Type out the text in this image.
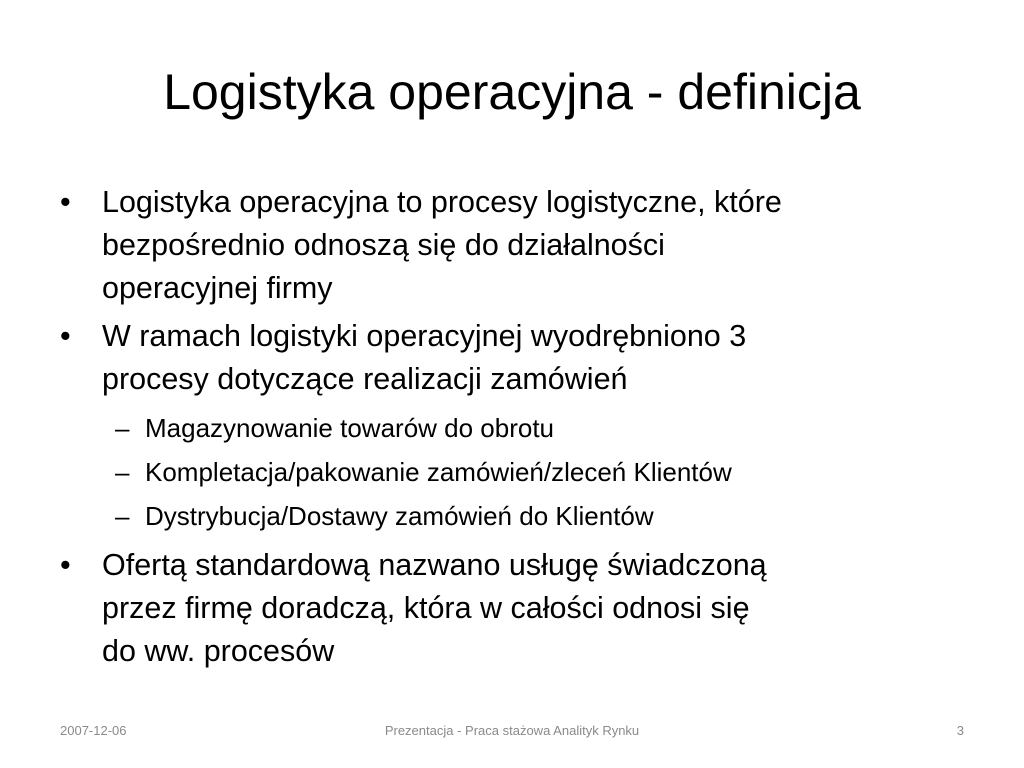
Logistyka operacyjna - definicja
•	Logistyka operacyjna to procesy logistyczne, które
bezpośrednio odnoszą się do działalności
operacyjnej firmy
•	W ramach logistyki operacyjnej wyodrębniono 3
procesy dotyczące realizacji zamówień
– Magazynowanie towarów do obrotu
– Kompletacja/pakowanie zamówień/zleceń Klientów
– Dystrybucja/Dostawy zamówień do Klientów
•	Ofertą standardową nazwano usługę świadczoną
przez firmę doradczą, która w całości odnosi się
do ww. procesów
2007-12-06	Prezentacja - Praca stażowa Analityk Rynku	3
